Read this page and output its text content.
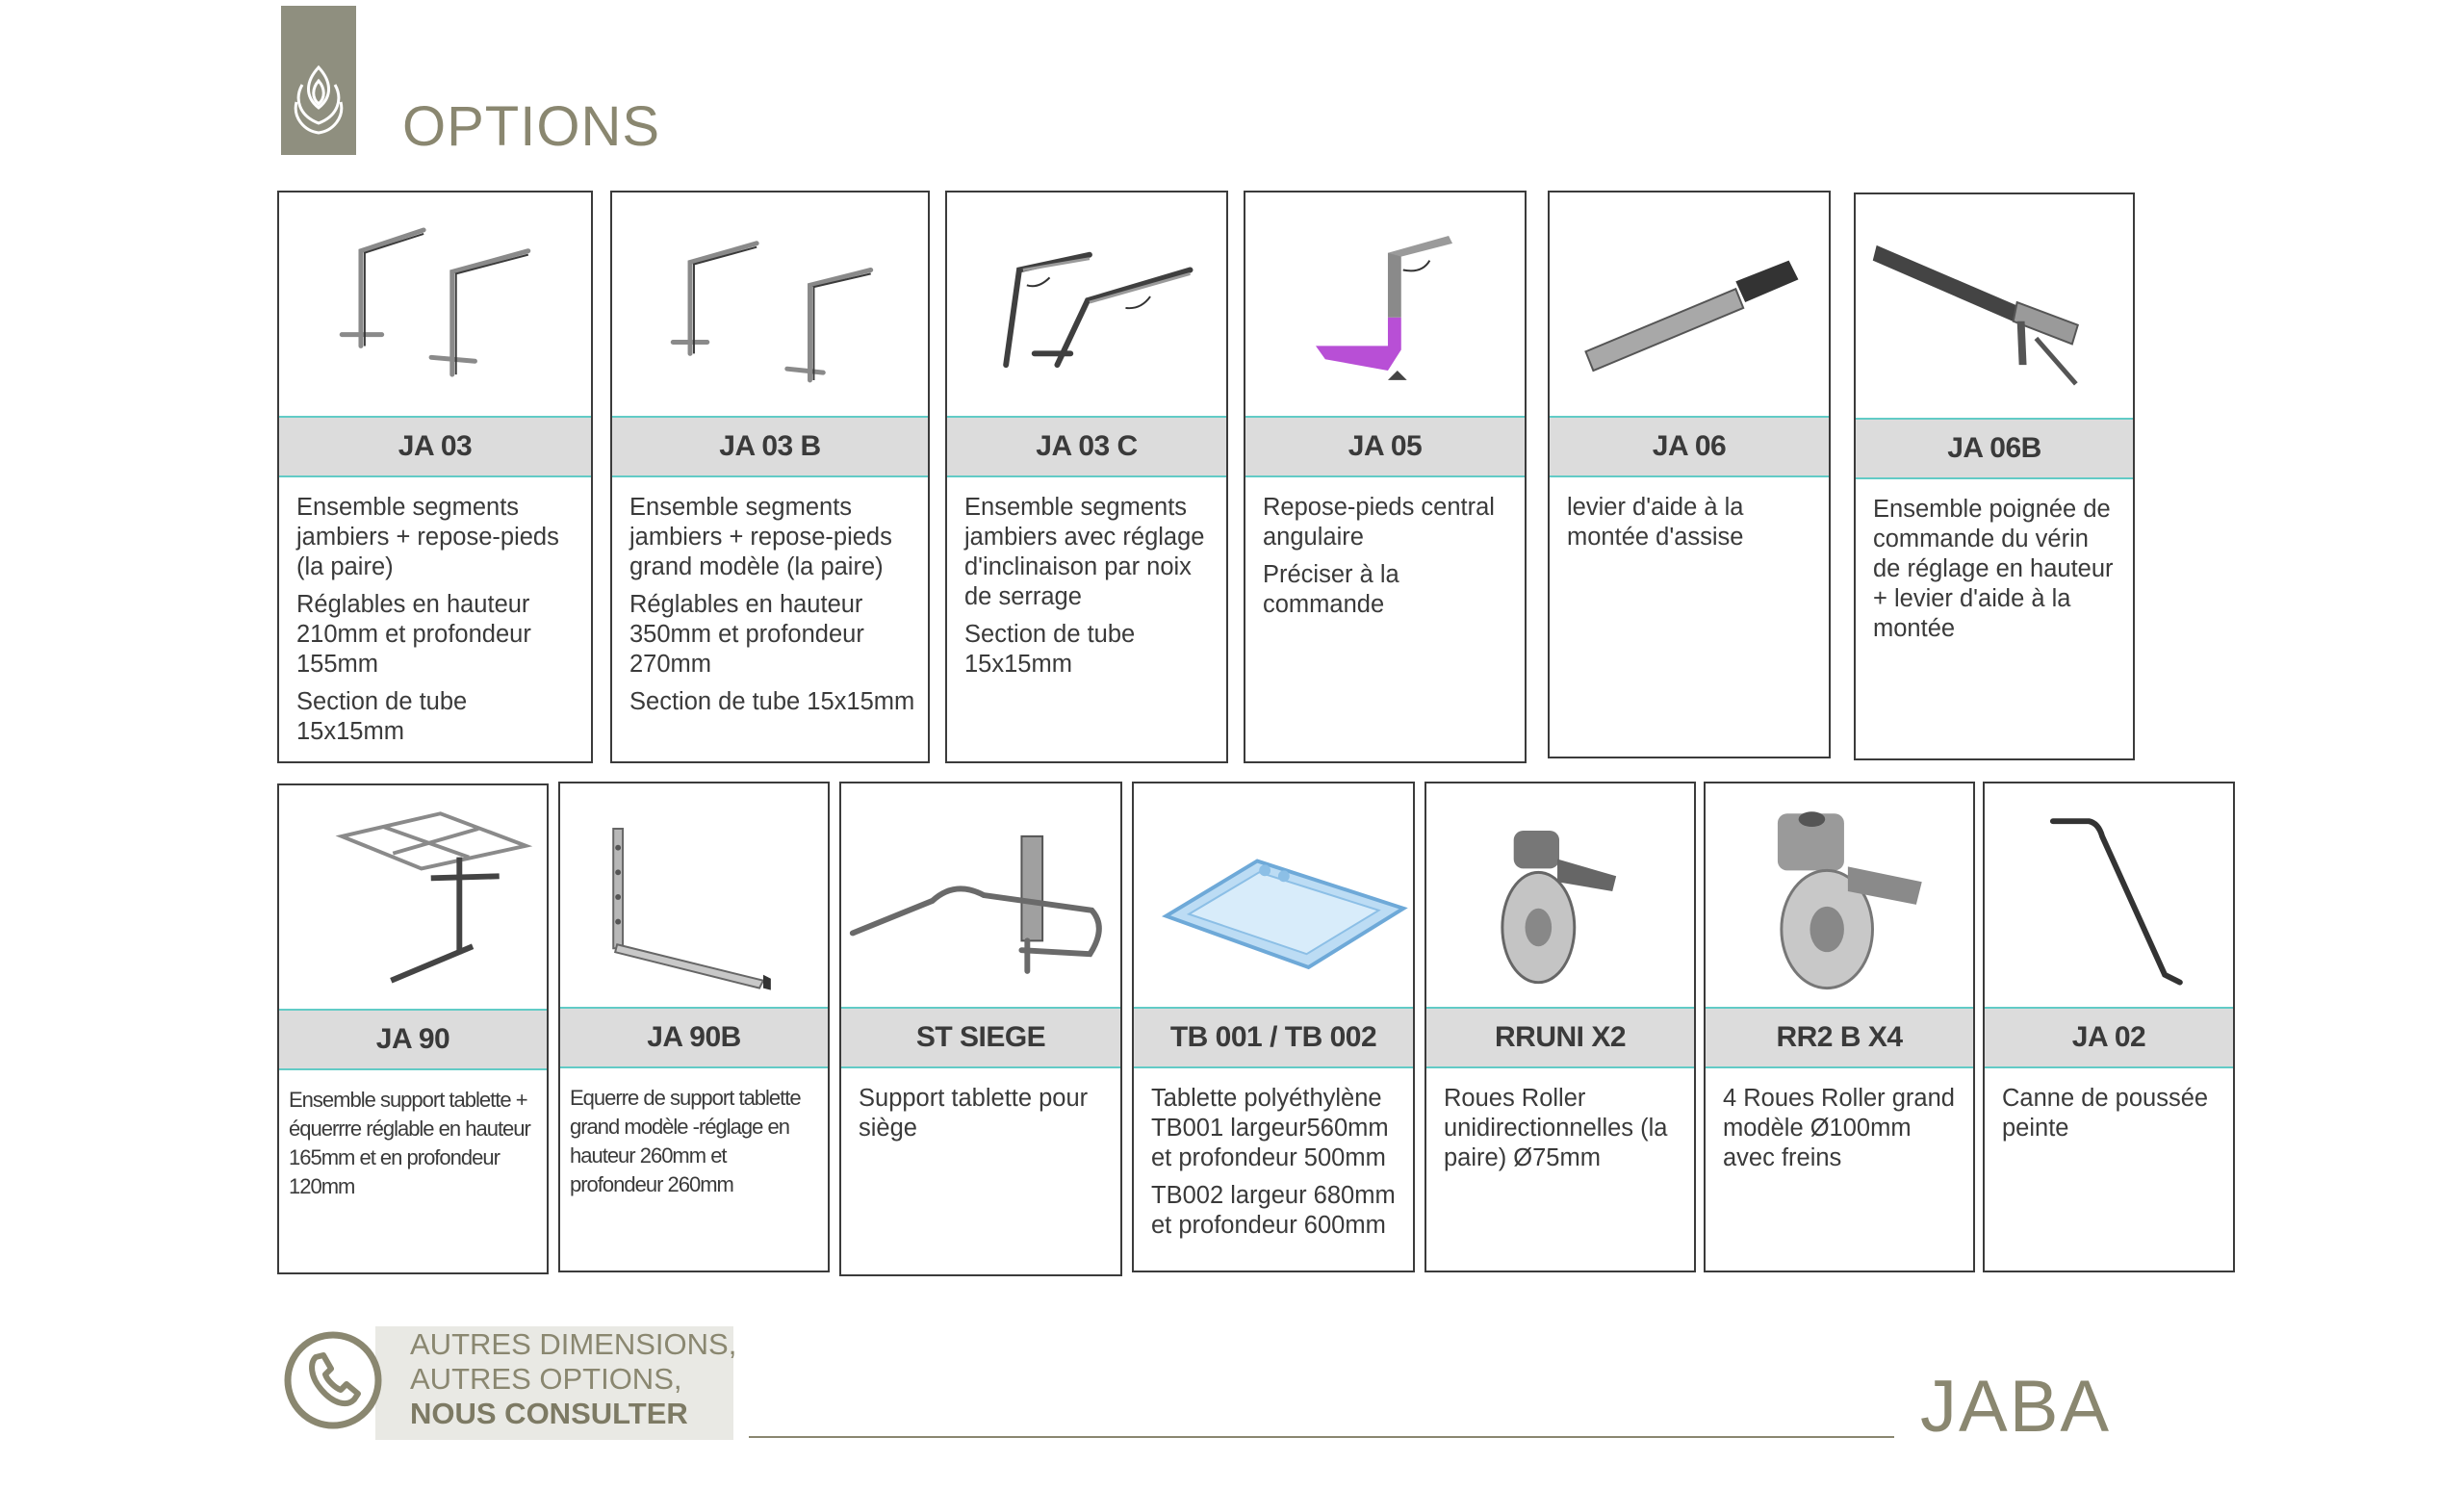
OPTIONS
JA 03

Ensemble segments jambiers + repose-pieds (la paire)

Réglables en hauteur 210mm et profondeur 155mm

Section de tube 15x15mm

JA 03 B

Ensemble segments jambiers + repose-pieds grand modèle (la paire)

Réglables en hauteur 350mm et profondeur 270mm

Section de tube 15x15mm

JA 03 C

Ensemble segments jambiers avec réglage d'inclinaison par noix de serrage

Section de tube 15x15mm

JA 05

Repose-pieds central angulaire

Préciser à la commande

JA 06

levier d'aide à la montée d'assise

JA 06B

Ensemble poignée de commande du vérin de réglage en hauteur + levier d'aide à la montée

JA 90

Ensemble support tablette + équerrre réglable en hauteur 165mm et en profondeur 120mm

JA 90B

Equerre de support tablette grand modèle -réglage en hauteur 260mm et profondeur 260mm

ST SIEGE

Support tablette pour siège

TB 001 / TB 002

Tablette polyéthylène TB001 largeur560mm et profondeur 500mm

TB002 largeur 680mm et profondeur 600mm

RRUNI X2

Roues Roller unidirectionnelles (la paire) Ø75mm

RR2 B X4

4 Roues Roller grand modèle Ø100mm avec freins

JA 02

Canne de poussée peinte

AUTRES DIMENSIONS,
AUTRES OPTIONS,
NOUS CONSULTER	JABA
